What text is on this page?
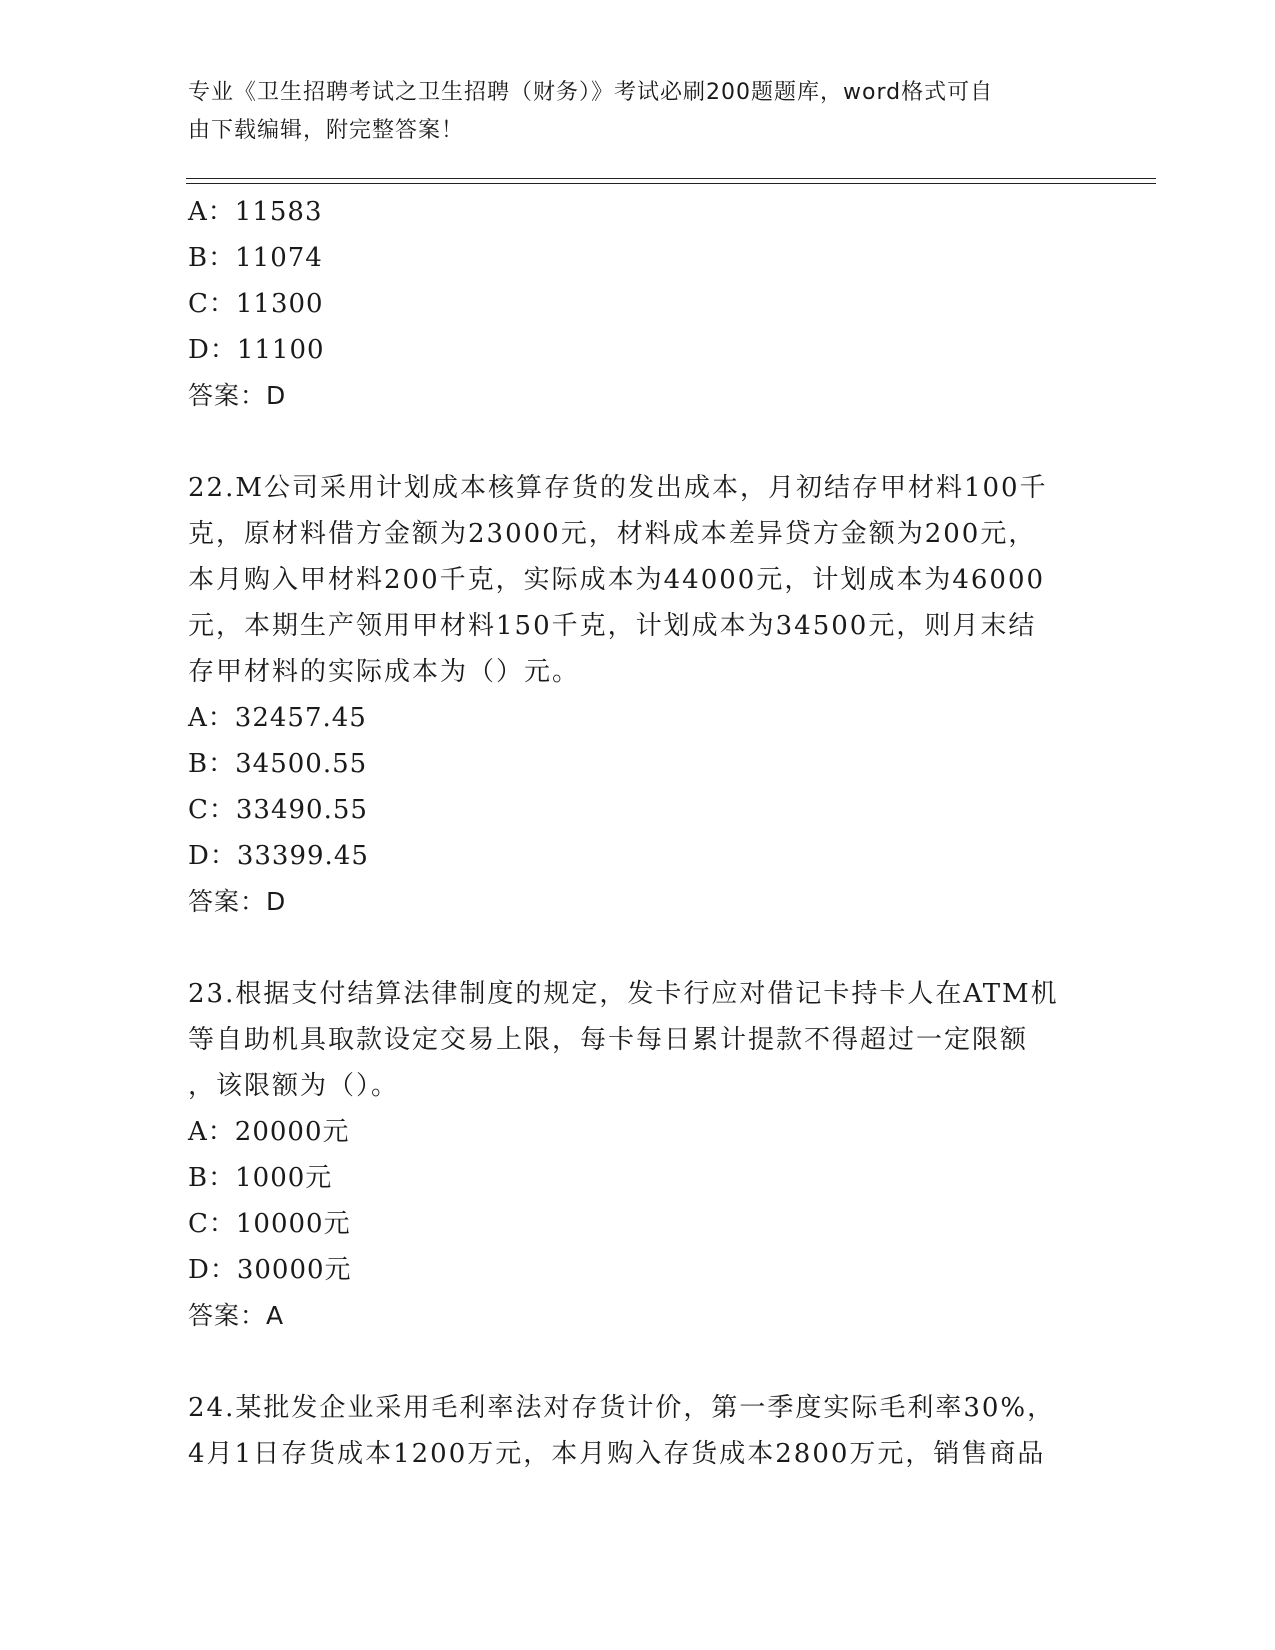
专业《卫生招聘考试之卫生招聘（财务）》考试必刷200题题库，word格式可自
由下载编辑，附完整答案！
A：11583
B：11074
C：11300
D：11100
答案：D
22.M公司采用计划成本核算存货的发出成本，月初结存甲材料100千
克，原材料借方金额为23000元，材料成本差异贷方金额为200元，
本月购入甲材料200千克，实际成本为44000元，计划成本为46000
元，本期生产领用甲材料150千克，计划成本为34500元，则月末结
存甲材料的实际成本为（）元。
A：32457.45
B：34500.55
C：33490.55
D：33399.45
答案：D
23.根据支付结算法律制度的规定，发卡行应对借记卡持卡人在ATM机
等自助机具取款设定交易上限，每卡每日累计提款不得超过一定限额
，该限额为（）。
A：20000元
B：1000元
C：10000元
D：30000元
答案：A
24.某批发企业采用毛利率法对存货计价，第一季度实际毛利率30%，
4月1日存货成本1200万元，本月购入存货成本2800万元，销售商品
